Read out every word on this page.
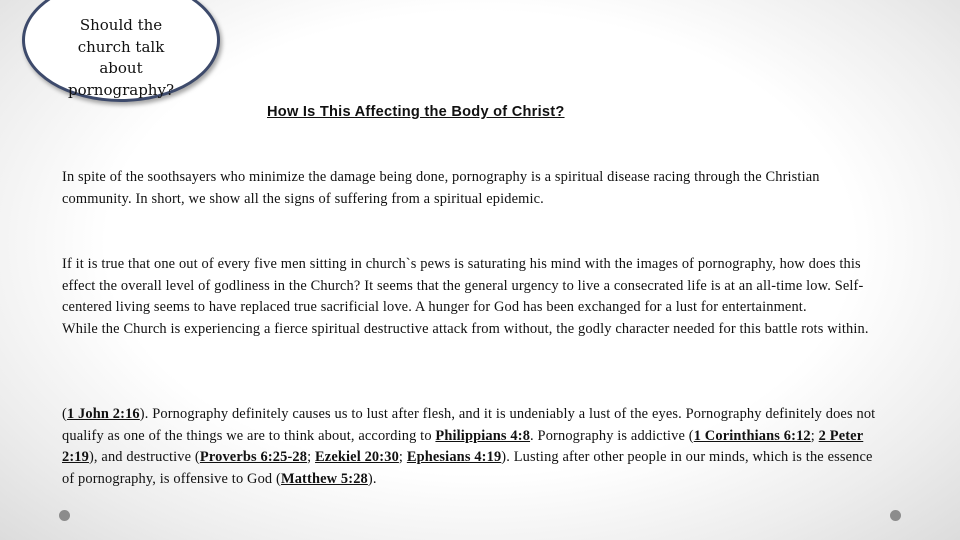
Should the
church talk
about
pornography?
How Is This Affecting the Body of Christ?

In spite of the soothsayers who minimize the damage being done, pornography is a spiritual disease racing through the Christian community. In short, we show all the signs of suffering from a spiritual epidemic.

If it is true that one out of every five men sitting in church`s pews is saturating his mind with the images of pornography, how does this effect the overall level of godliness in the Church? It seems that the general urgency to live a consecrated life is at an all-time low. Self-centered living seems to have replaced true sacrificial love. A hunger for God has been exchanged for a lust for entertainment.
While the Church is experiencing a fierce spiritual destructive attack from without, the godly character needed for this battle rots within.

(1 John 2:16). Pornography definitely causes us to lust after flesh, and it is undeniably a lust of the eyes. Pornography definitely does not qualify as one of the things we are to think about, according to Philippians 4:8. Pornography is addictive (1 Corinthians 6:12; 2 Peter 2:19), and destructive (Proverbs 6:25-28; Ezekiel 20:30; Ephesians 4:19). Lusting after other people in our minds, which is the essence of pornography, is offensive to God (Matthew 5:28).
